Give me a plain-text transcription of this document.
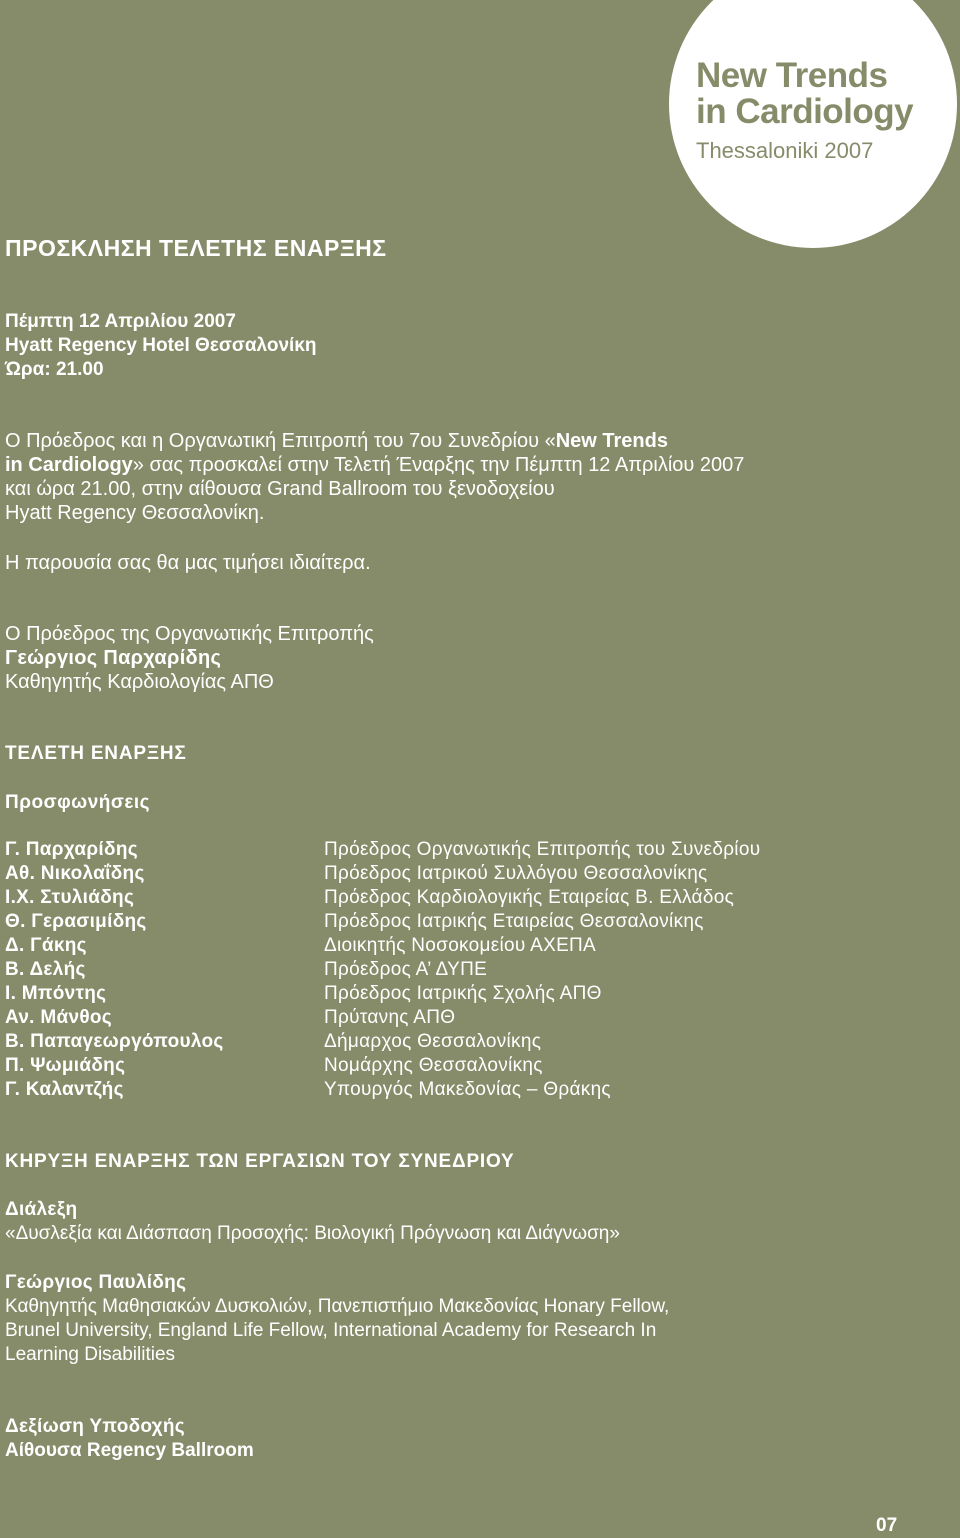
New Trends
in Cardiology
Thessaloniki 2007
ΠΡΟΣΚΛΗΣΗ ΤΕΛΕΤΗΣ ΕΝΑΡΞΗΣ
Πέμπτη 12 Απριλίου 2007
Hyatt Regency Hotel Θεσσαλονίκη
Ώρα: 21.00
Ο Πρόεδρος και η Οργανωτική Επιτροπή του 7ου Συνεδρίου «New Trends
in Cardiology» σας προσκαλεί στην Τελετή Έναρξης την Πέμπτη 12 Απριλίου 2007
και ώρα 21.00, στην αίθουσα Grand Ballroom του ξενοδοχείου
Hyatt Regency Θεσσαλονίκη.
Η παρουσία σας θα μας τιμήσει ιδιαίτερα.
Ο Πρόεδρος της Οργανωτικής Επιτροπής
Γεώργιος Παρχαρίδης
Καθηγητής Καρδιολογίας ΑΠΘ
ΤΕΛΕΤΗ ΕΝΑΡΞΗΣ
Προσφωνήσεις
Γ. Παρχαρίδης	Πρόεδρος Οργανωτικής Επιτροπής του Συνεδρίου
Αθ. Νικολαΐδης	Πρόεδρος Ιατρικού Συλλόγου Θεσσαλονίκης
Ι.Χ. Στυλιάδης	Πρόεδρος Καρδιολογικής Εταιρείας Β. Ελλάδος
Θ. Γερασιμίδης	Πρόεδρος Ιατρικής Εταιρείας Θεσσαλονίκης
Δ. Γάκης	Διοικητής Νοσοκομείου ΑΧΕΠΑ
Β. Δελής	Πρόεδρος Α’ ΔΥΠΕ
Ι. Μπόντης	Πρόεδρος Ιατρικής Σχολής ΑΠΘ
Αν. Μάνθος	Πρύτανης ΑΠΘ
Β. Παπαγεωργόπουλος	Δήμαρχος Θεσσαλονίκης
Π. Ψωμιάδης	Νομάρχης Θεσσαλονίκης
Γ. Καλαντζής	Υπουργός Μακεδονίας – Θράκης
ΚΗΡΥΞΗ ΕΝΑΡΞΗΣ ΤΩΝ ΕΡΓΑΣΙΩΝ ΤΟΥ ΣΥΝΕΔΡΙΟΥ
Διάλεξη
«Δυσλεξία και Διάσπαση Προσοχής: Βιολογική Πρόγνωση και Διάγνωση»
Γεώργιος Παυλίδης
Καθηγητής Μαθησιακών Δυσκολιών, Πανεπιστήμιο Μακεδονίας Honary Fellow,
Brunel University, England Life Fellow, International Academy for Research In
Learning Disabilities
Δεξίωση Υποδοχής
Αίθουσα Regency Ballroom
07
